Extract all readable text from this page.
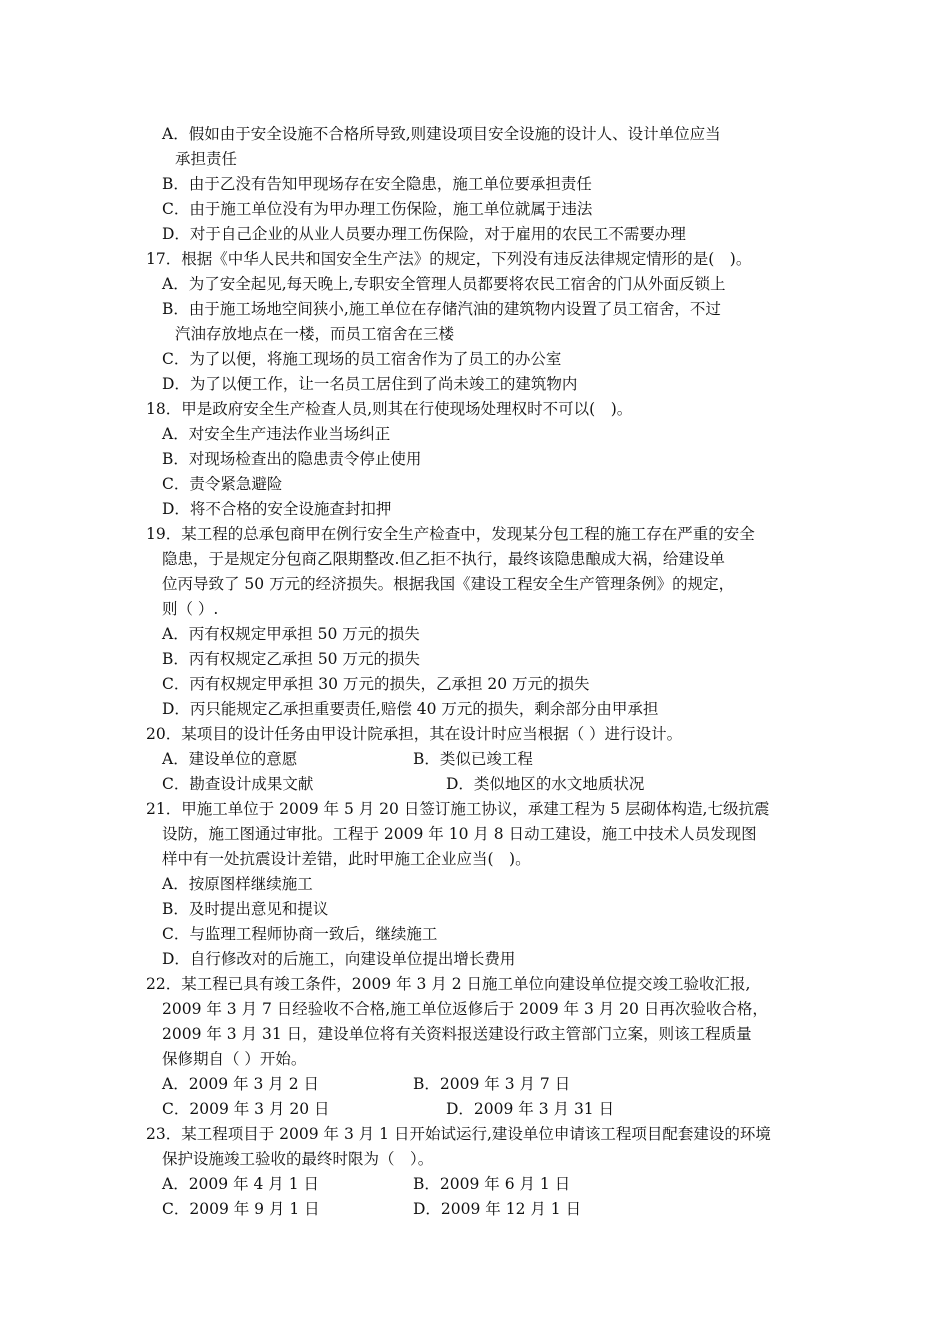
A．假如由于安全设施不合格所导致,则建设项目安全设施的设计人、设计单位应当
承担责任
B．由于乙没有告知甲现场存在安全隐患，施工单位要承担责任
C．由于施工单位没有为甲办理工伤保险，施工单位就属于违法
D．对于自己企业的从业人员要办理工伤保险，对于雇用的农民工不需要办理
17．根据《中华人民共和国安全生产法》的规定，下列没有违反法律规定情形的是(　)。
A．为了安全起见,每天晚上,专职安全管理人员都要将农民工宿舍的门从外面反锁上
B．由于施工场地空间狭小,施工单位在存储汽油的建筑物内设置了员工宿舍，不过
汽油存放地点在一楼，而员工宿舍在三楼
C．为了以便，将施工现场的员工宿舍作为了员工的办公室
D．为了以便工作，让一名员工居住到了尚未竣工的建筑物内
18．甲是政府安全生产检查人员,则其在行使现场处理权时不可以(　)。
A．对安全生产违法作业当场纠正
B．对现场检查出的隐患责令停止使用
C．责令紧急避险
D．将不合格的安全设施查封扣押
19．某工程的总承包商甲在例行安全生产检查中，发现某分包工程的施工存在严重的安全
隐患，于是规定分包商乙限期整改.但乙拒不执行，最终该隐患酿成大祸，给建设单
位丙导致了 50 万元的经济损失。根据我国《建设工程安全生产管理条例》的规定，
则（ ）.
A．丙有权规定甲承担 50 万元的损失
B．丙有权规定乙承担 50 万元的损失
C．丙有权规定甲承担 30 万元的损失，乙承担 20 万元的损失
D．丙只能规定乙承担重要责任,赔偿 40 万元的损失，剩余部分由甲承担
20．某项目的设计任务由甲设计院承担，其在设计时应当根据（ ）进行设计。
A．建设单位的意愿	B．类似已竣工程
C．勘查设计成果文献	D．类似地区的水文地质状况
21．甲施工单位于 2009 年 5 月 20 日签订施工协议，承建工程为 5 层砌体构造,七级抗震
设防，施工图通过审批。工程于 2009 年 10 月 8 日动工建设，施工中技术人员发现图
样中有一处抗震设计差错，此时甲施工企业应当(　)。
A．按原图样继续施工
B．及时提出意见和提议
C．与监理工程师协商一致后，继续施工
D．自行修改对的后施工，向建设单位提出增长费用
22．某工程已具有竣工条件，2009 年 3 月 2 日施工单位向建设单位提交竣工验收汇报,
2009 年 3 月 7 日经验收不合格,施工单位返修后于 2009 年 3 月 20 日再次验收合格，
2009 年 3 月 31 日，建设单位将有关资料报送建设行政主管部门立案，则该工程质量
保修期自（ ）开始。
A．2009 年 3 月 2 日	B．2009 年 3 月 7 日
C．2009 年 3 月 20 日	D．2009 年 3 月 31 日
23．某工程项目于 2009 年 3 月 1 日开始试运行,建设单位申请该工程项目配套建设的环境
保护设施竣工验收的最终时限为（　）。
A．2009 年 4 月 1 日	B．2009 年 6 月 1 日
C．2009 年 9 月 1 日	D．2009 年 12 月 1 日
